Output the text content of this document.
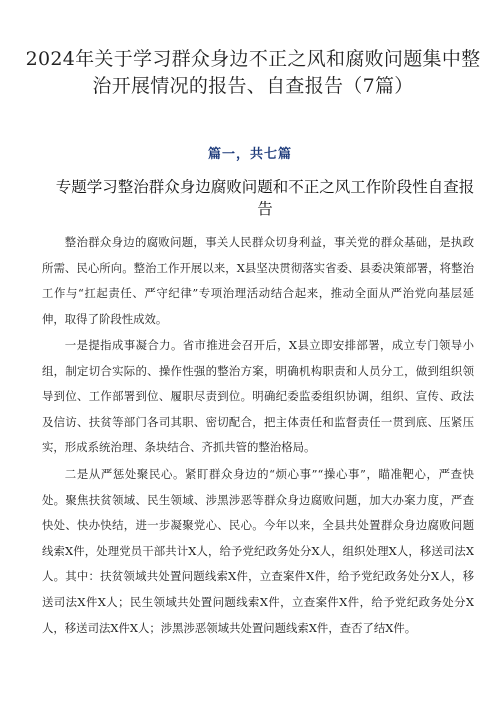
2024年关于学习群众身边不正之风和腐败问题集中整治开展情况的报告、自查报告（7篇）
篇一，共七篇
专题学习整治群众身边腐败问题和不正之风工作阶段性自查报告

整治群众身边的腐败问题，事关人民群众切身利益，事关党的群众基础，是执政所需、民心所向。整治工作开展以来，X县坚决贯彻落实省委、县委决策部署，将整治工作与“扛起责任、严守纪律”专项治理活动结合起来，推动全面从严治党向基层延伸，取得了阶段性成效。

一是提指成事凝合力。省市推进会召开后，X县立即安排部署，成立专门领导小组，制定切合实际的、操作性强的整治方案，明确机构职责和人员分工，做到组织领导到位、工作部署到位、履职尽责到位。明确纪委监委组织协调，组织、宣传、政法及信访、扶贫等部门各司其职、密切配合，把主体责任和监督责任一贯到底、压紧压实，形成系统治理、条块结合、齐抓共管的整治格局。

二是从严惩处聚民心。紧盯群众身边的“烦心事”“操心事”，瞄准靶心，严查快处。聚焦扶贫领域、民生领域、涉黑涉恶等群众身边腐败问题，加大办案力度，严查快处、快办快结，进一步凝聚党心、民心。今年以来，全县共处置群众身边腐败问题线索X件，处理党员干部共计X人，给予党纪政务处分X人，组织处理X人，移送司法X人。其中：扶贫领域共处置问题线索X件，立查案件X件，给予党纪政务处分X人，移送司法X件X人；民生领域共处置问题线索X件，立查案件X件，给予党纪政务处分X人，移送司法X件X人；涉黑涉恶领域共处置问题线索X件，查否了结X件。
